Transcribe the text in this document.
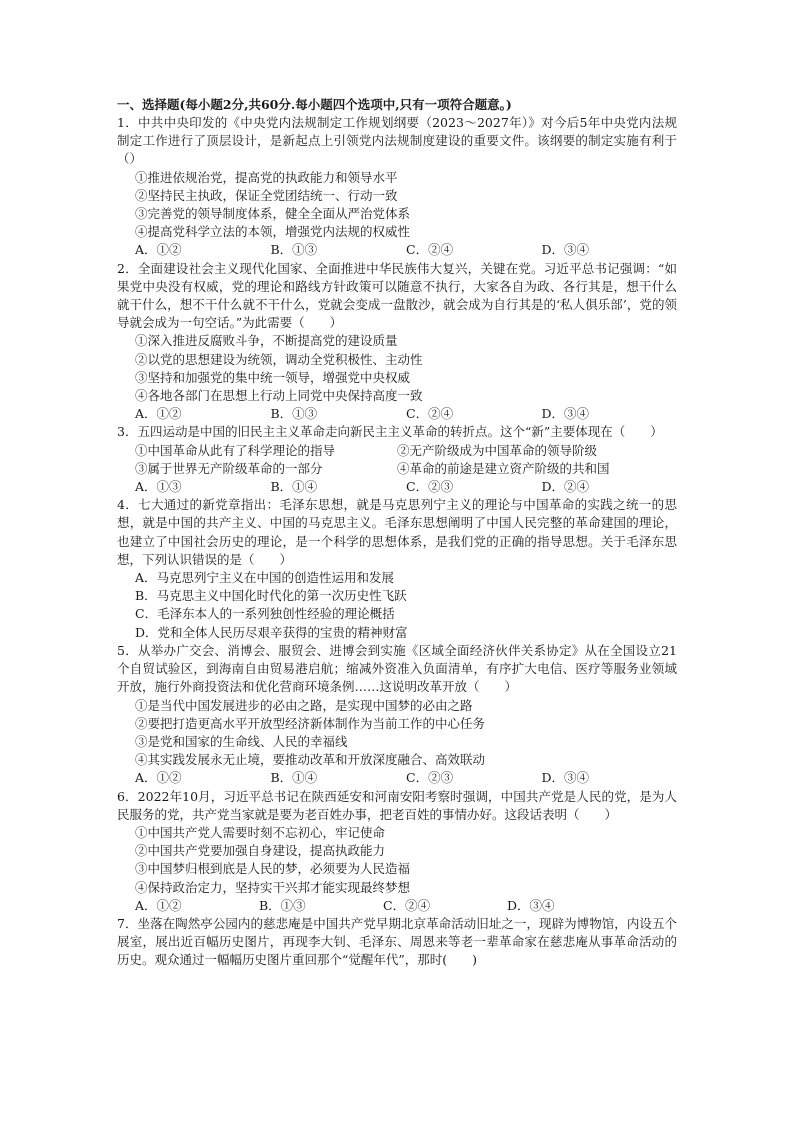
一、选择题(每小题2分,共60分.每小题四个选项中,只有一项符合题意。)

1．中共中央印发的《中央党内法规制定工作规划纲要（2023～2027年）》对今后5年中央党内法规制定工作进行了顶层设计，是新起点上引领党内法规制度建设的重要文件。该纲要的制定实施有利于（）

①推进依规治党，提高党的执政能力和领导水平

②坚持民主执政，保证全党团结统一、行动一致

③完善党的领导制度体系，健全全面从严治党体系

④提高党科学立法的本领，增强党内法规的权威性

A．①②	B．①③	C．②④	D．③④

2．全面建设社会主义现代化国家、全面推进中华民族伟大复兴，关键在党。习近平总书记强调：“如果党中央没有权威，党的理论和路线方针政策可以随意不执行，大家各自为政、各行其是，想干什么就干什么，想不干什么就不干什么，党就会变成一盘散沙，就会成为自行其是的‘私人俱乐部’，党的领导就会成为一句空话。”为此需要（　　）

①深入推进反腐败斗争，不断提高党的建设质量

②以党的思想建设为统领，调动全党积极性、主动性

③坚持和加强党的集中统一领导，增强党中央权威

④各地各部门在思想上行动上同党中央保持高度一致

A．①②	B．①③	C．②④	D．③④

3．五四运动是中国的旧民主主义革命走向新民主主义革命的转折点。这个“新”主要体现在（　　）

①中国革命从此有了科学理论的指导	②无产阶级成为中国革命的领导阶级
③属于世界无产阶级革命的一部分	④革命的前途是建立资产阶级的共和国
A．①③	B．①④	C．②③	D．②④

4．七大通过的新党章指出：毛泽东思想，就是马克思列宁主义的理论与中国革命的实践之统一的思想，就是中国的共产主义、中国的马克思主义。毛泽东思想阐明了中国人民完整的革命建国的理论，也建立了中国社会历史的理论，是一个科学的思想体系，是我们党的正确的指导思想。关于毛泽东思想，下列认识错误的是（　　）

A．马克思列宁主义在中国的创造性运用和发展

B．马克思主义中国化时代化的第一次历史性飞跃

C．毛泽东本人的一系列独创性经验的理论概括

D．党和全体人民历尽艰辛获得的宝贵的精神财富

5．从举办广交会、消博会、服贸会、进博会到实施《区域全面经济伙伴关系协定》从在全国设立21个自贸试验区，到海南自由贸易港启航；缩减外资准入负面清单，有序扩大电信、医疗等服务业领域开放，施行外商投资法和优化营商环境条例……这说明改革开放（　　）

①是当代中国发展进步的必由之路，是实现中国梦的必由之路

②要把打造更高水平开放型经济新体制作为当前工作的中心任务

③是党和国家的生命线、人民的幸福线

④其实践发展永无止境，要推动改革和开放深度融合、高效联动

A．①②	B．①④	C．②③	D．③④

6．2022年10月，习近平总书记在陕西延安和河南安阳考察时强调，中国共产党是人民的党，是为人民服务的党，共产党当家就是要为老百姓办事，把老百姓的事情办好。这段话表明（　　）

①中国共产党人需要时刻不忘初心，牢记使命

②中国共产党要加强自身建设，提高执政能力

③中国梦归根到底是人民的梦，必须要为人民造福

④保持政治定力，坚持实干兴邦才能实现最终梦想

A．①②	B．①③	C．②④	D．③④

7．坐落在陶然亭公园内的慈悲庵是中国共产党早期北京革命活动旧址之一，现辟为博物馆，内设五个展室，展出近百幅历史图片，再现李大钊、毛泽东、周恩来等老一辈革命家在慈悲庵从事革命活动的历史。观众通过一幅幅历史图片重回那个“觉醒年代”，那时(　　)
